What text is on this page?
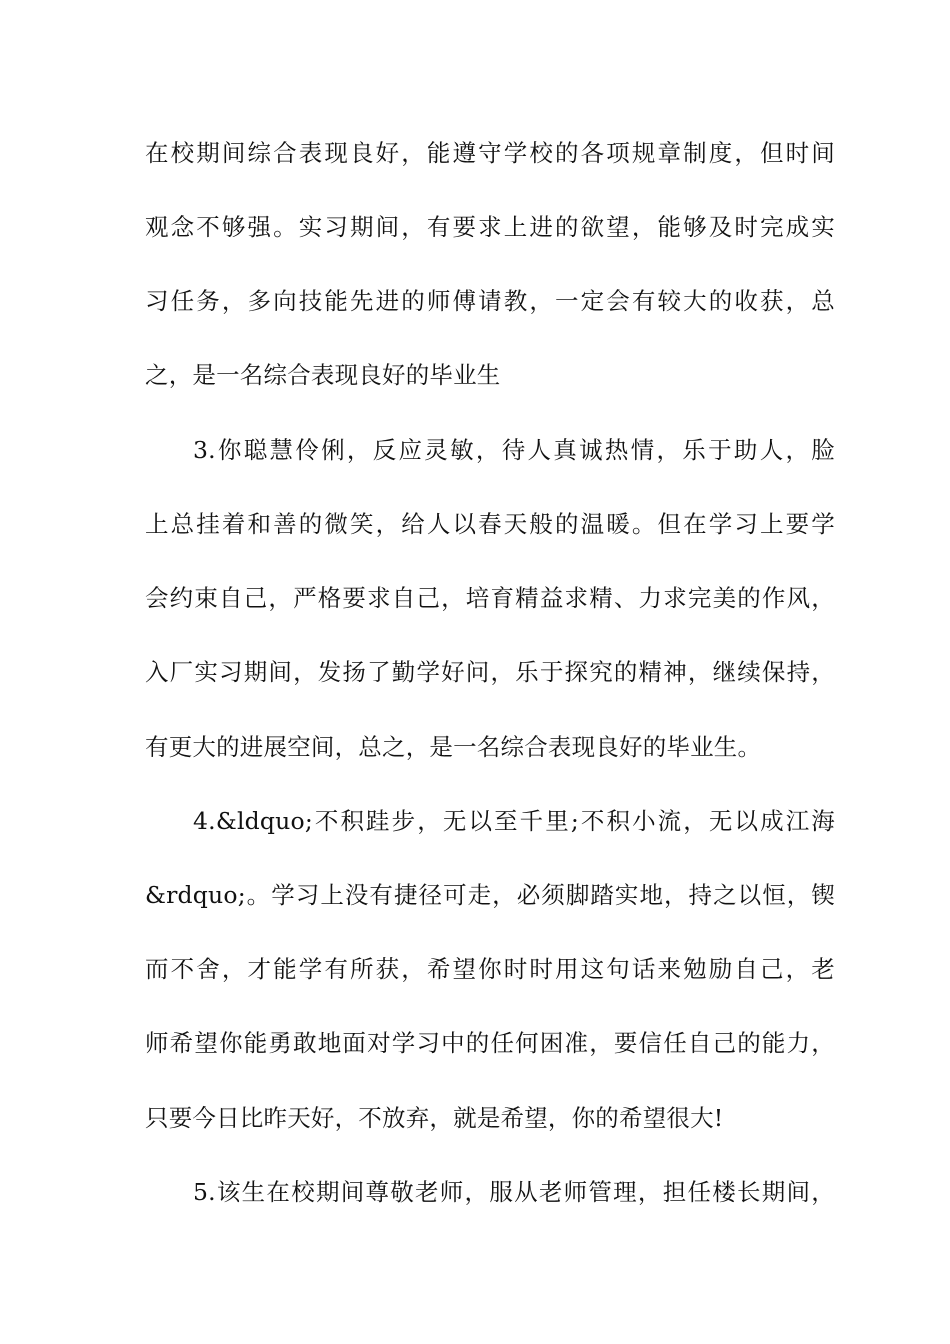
在校期间综合表现良好，能遵守学校的各项规章制度，但时间
观念不够强。实习期间，有要求上进的欲望，能够及时完成实
习任务，多向技能先进的师傅请教，一定会有较大的收获，总
之，是一名综合表现良好的毕业生
3.你聪慧伶俐，反应灵敏，待人真诚热情，乐于助人，脸
上总挂着和善的微笑，给人以春天般的温暖。但在学习上要学
会约束自己，严格要求自己，培育精益求精、力求完美的作风，
入厂实习期间，发扬了勤学好问，乐于探究的精神，继续保持，
有更大的进展空间，总之，是一名综合表现良好的毕业生。
4.&ldquo;不积跬步，无以至千里;不积小流，无以成江海
&rdquo;。学习上没有捷径可走，必须脚踏实地，持之以恒，锲
而不舍，才能学有所获，希望你时时用这句话来勉励自己，老
师希望你能勇敢地面对学习中的任何困准，要信任自己的能力，
只要今日比昨天好，不放弃，就是希望，你的希望很大!
5.该生在校期间尊敬老师，服从老师管理，担任楼长期间，
